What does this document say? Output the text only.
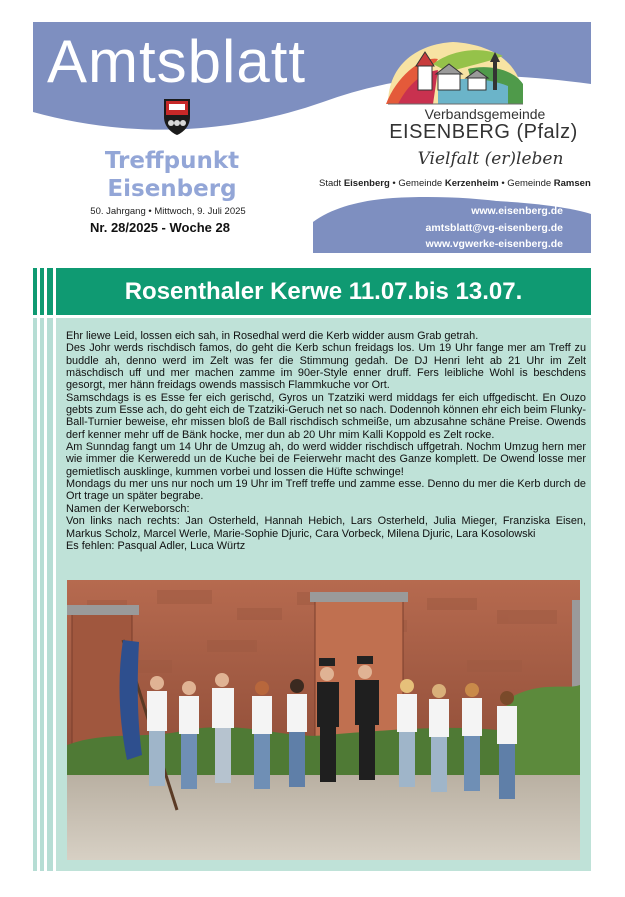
Amtsblatt
Treffpunkt
Eisenberg
50. Jahrgang • Mittwoch, 9. Juli 2025
Nr. 28/2025 - Woche 28
Verbandsgemeinde
EISENBERG (Pfalz)
Vielfalt (er)leben
Stadt Eisenberg • Gemeinde Kerzenheim • Gemeinde Ramsen
www.eisenberg.de
amtsblatt@vg-eisenberg.de
www.vgwerke-eisenberg.de
Rosenthaler Kerwe 11.07.bis 13.07.

Ehr liewe Leid, lossen eich sah, in Rosedhal werd die Kerb widder ausm Grab getrah.

Des Johr werds rischdisch famos, do geht die Kerb schun freidags los. Um 19 Uhr fange mer am Treff zu buddle ah, denno werd im Zelt was fer die Stimmung gedah. De DJ Henri leht ab 21 Uhr im Zelt mäschdisch uff und mer machen zamme im 90er-Style enner druff. Fers leibliche Wohl is beschdens gesorgt, mer hänn freidags owends massisch Flammkuche vor Ort.

Samschdags is es Esse fer eich gerischd, Gyros un Tzatziki werd middags fer eich uffgedischt. En Ouzo gebts zum Esse ach, do geht eich de Tzatziki-Geruch net so nach. Dodennoh können ehr eich beim Flunky-Ball-Turnier beweise, ehr missen bloß de Ball rischdisch schmeiße, um abzusahne schäne Preise. Owends derf kenner mehr uff de Bänk hocke, mer dun ab 20 Uhr mim Kalli Koppold es Zelt rocke.

Am Sunndag fangt um 14 Uhr de Umzug ah, do werd widder rischdisch uffgetrah. Nochm Umzug hern mer wie immer die Kerweredd un de Kuche bei de Feierwehr macht des Ganze komplett. De Owend losse mer gemietlisch ausklinge, kummen vorbei und lossen die Hüfte schwinge!

Mondags du mer uns nur noch um 19 Uhr im Treff treffe und zamme esse. Denno du mer die Kerb durch de Ort trage un später begrabe.

Namen der Kerweborsch:

Von links nach rechts: Jan Osterheld, Hannah Hebich, Lars Osterheld, Julia Mieger, Franziska Eisen, Markus Scholz, Marcel Werle, Marie-Sophie Djuric, Cara Vorbeck, Milena Djuric, Lara Kosolowski

Es fehlen: Pasqual Adler, Luca Würtz
